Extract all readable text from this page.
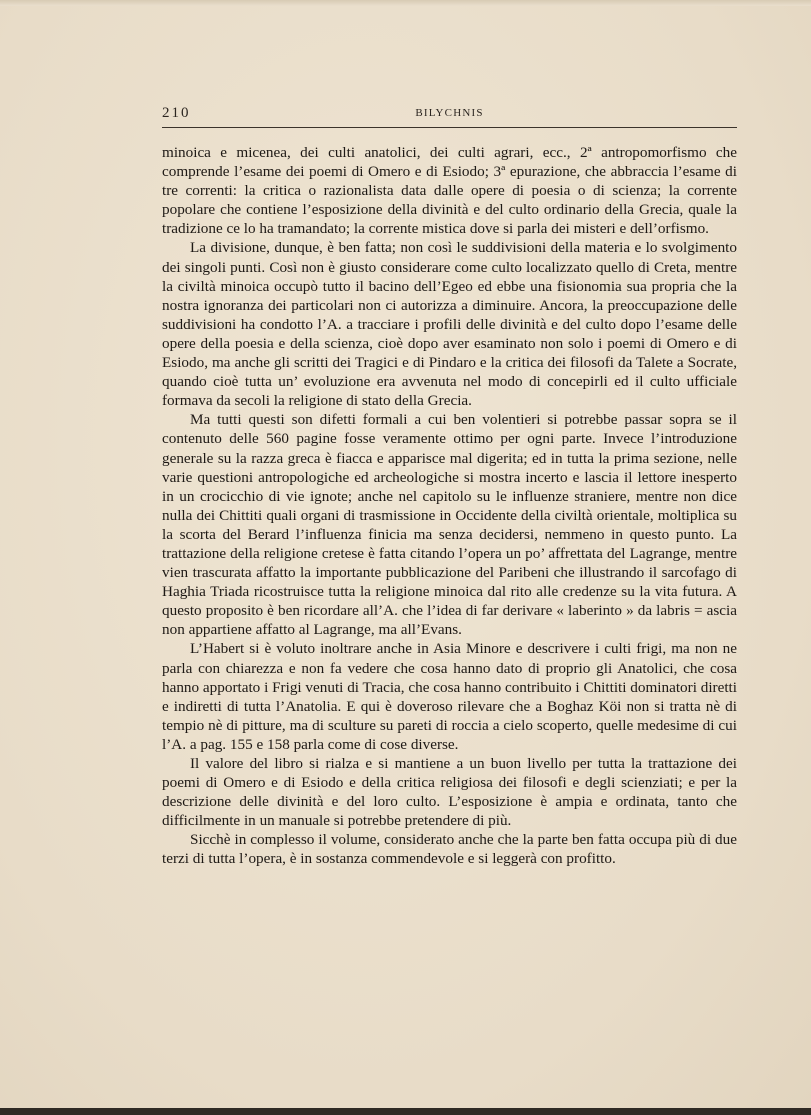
210	BILYCHNIS

minoica e micenea, dei culti anatolici, dei culti agrari, ecc., 2ª antropomorfismo che comprende l’esame dei poemi di Omero e di Esiodo; 3ª epurazione, che abbraccia l’esame di tre correnti: la critica o razionalista data dalle opere di poesia o di scienza; la corrente popolare che contiene l’esposizione della divinità e del culto ordinario della Grecia, quale la tradizione ce lo ha tramandato; la corrente mistica dove si parla dei misteri e dell’orfismo.

La divisione, dunque, è ben fatta; non così le suddivisioni della materia e lo svolgimento dei singoli punti. Così non è giusto considerare come culto localizzato quello di Creta, mentre la civiltà minoica occupò tutto il bacino dell’Egeo ed ebbe una fisionomia sua propria che la nostra ignoranza dei particolari non ci autorizza a diminuire. Ancora, la preoccupazione delle suddivisioni ha condotto l’A. a tracciare i profili delle divinità e del culto dopo l’esame delle opere della poesia e della scienza, cioè dopo aver esaminato non solo i poemi di Omero e di Esiodo, ma anche gli scritti dei Tragici e di Pindaro e la critica dei filosofi da Talete a Socrate, quando cioè tutta un’ evoluzione era avvenuta nel modo di concepirli ed il culto ufficiale formava da secoli la religione di stato della Grecia.

Ma tutti questi son difetti formali a cui ben volentieri si potrebbe passar sopra se il contenuto delle 560 pagine fosse veramente ottimo per ogni parte. Invece l’introduzione generale su la razza greca è fiacca e apparisce mal digerita; ed in tutta la prima sezione, nelle varie questioni antropologiche ed archeologiche si mostra incerto e lascia il lettore inesperto in un crocicchio di vie ignote; anche nel capitolo su le influenze straniere, mentre non dice nulla dei Chittiti quali organi di trasmissione in Occidente della civiltà orientale, moltiplica su la scorta del Berard l’influenza finicia ma senza decidersi, nemmeno in questo punto. La trattazione della religione cretese è fatta citando l’opera un po’ affrettata del Lagrange, mentre vien trascurata affatto la importante pubblicazione del Paribeni che illustrando il sarcofago di Haghia Triada ricostruisce tutta la religione minoica dal rito alle credenze su la vita futura. A questo proposito è ben ricordare all’A. che l’idea di far derivare « laberinto » da labris = ascia non appartiene affatto al Lagrange, ma all’Evans.

L’Habert si è voluto inoltrare anche in Asia Minore e descrivere i culti frigi, ma non ne parla con chiarezza e non fa vedere che cosa hanno dato di proprio gli Anatolici, che cosa hanno apportato i Frigi venuti di Tracia, che cosa hanno contribuito i Chittiti dominatori diretti e indiretti di tutta l’Anatolia. E qui è doveroso rilevare che a Boghaz Köi non si tratta nè di tempio nè di pitture, ma di sculture su pareti di roccia a cielo scoperto, quelle medesime di cui l’A. a pag. 155 e 158 parla come di cose diverse.

Il valore del libro si rialza e si mantiene a un buon livello per tutta la trattazione dei poemi di Omero e di Esiodo e della critica religiosa dei filosofi e degli scienziati; e per la descrizione delle divinità e del loro culto. L’esposizione è ampia e ordinata, tanto che difficilmente in un manuale si potrebbe pretendere di più.

Sicchè in complesso il volume, considerato anche che la parte ben fatta occupa più di due terzi di tutta l’opera, è in sostanza commendevole e si leggerà con profitto.
